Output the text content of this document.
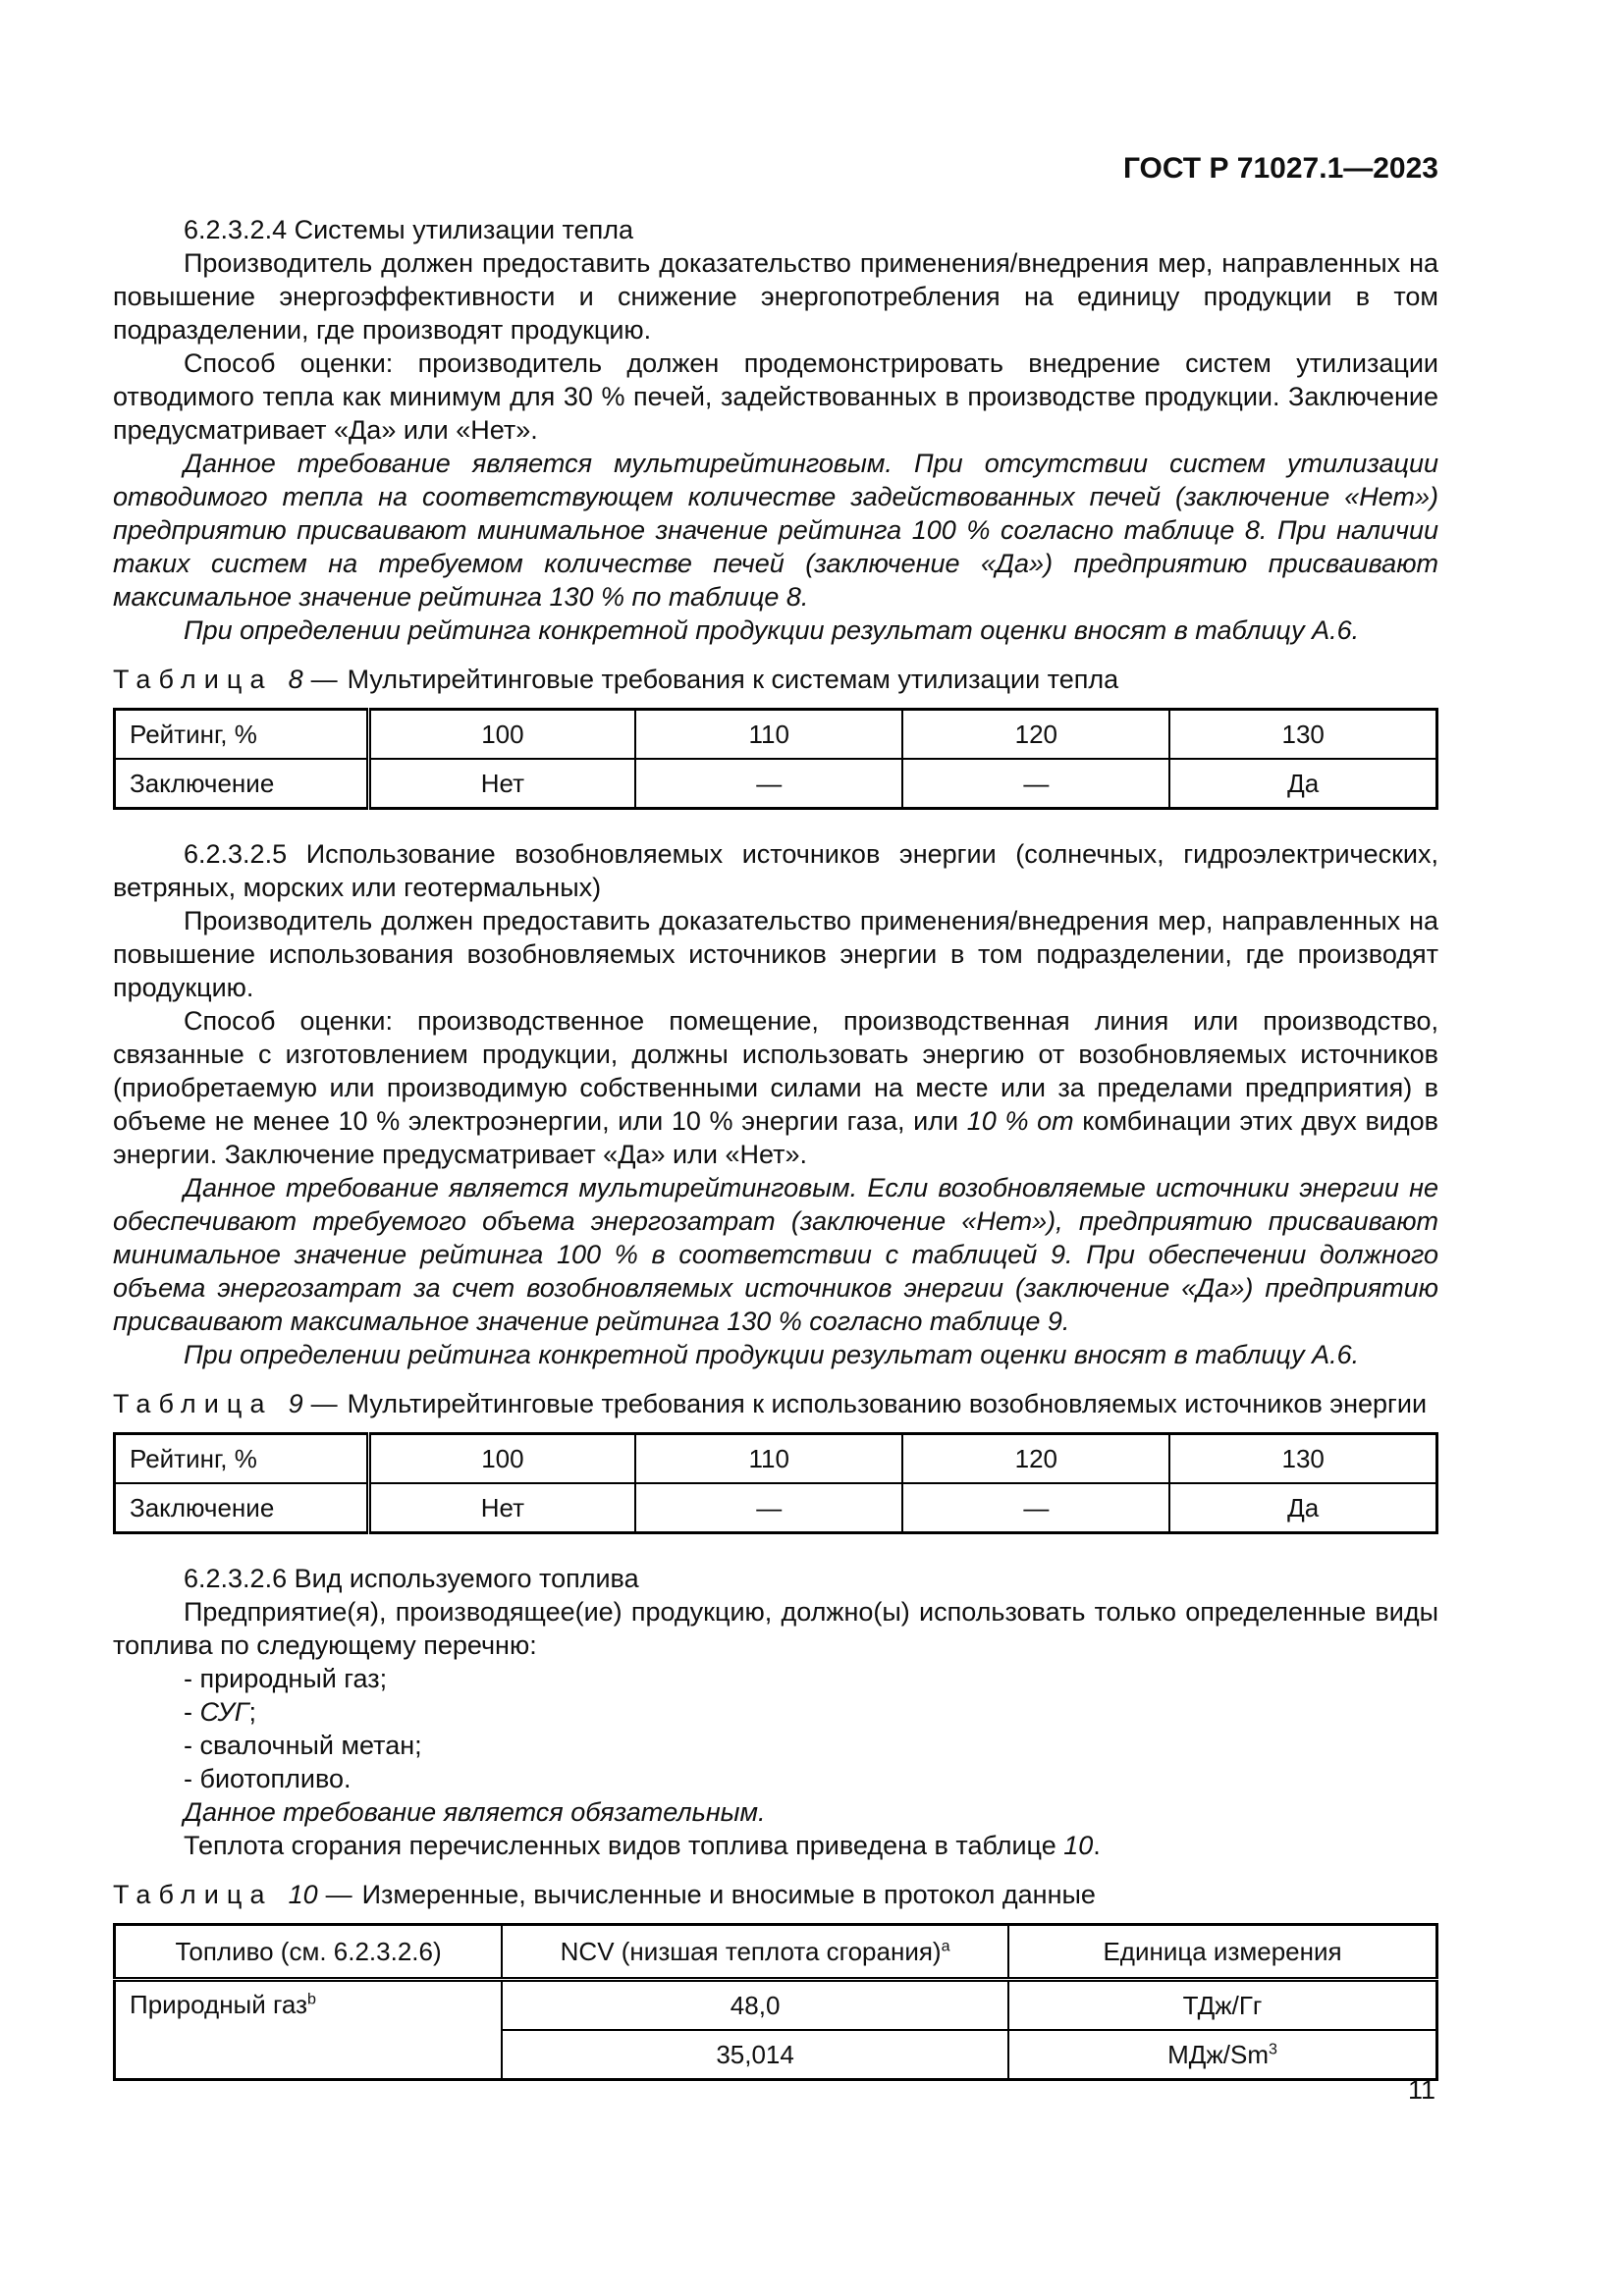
ГОСТ Р 71027.1—2023

6.2.3.2.4 Системы утилизации тепла

Производитель должен предоставить доказательство применения/внедрения мер, направленных на повышение энергоэффективности и снижение энергопотребления на единицу продукции в том подразделении, где производят продукцию.

Способ оценки: производитель должен продемонстрировать внедрение систем утилизации отводимого тепла как минимум для 30 % печей, задействованных в производстве продукции. Заключение предусматривает «Да» или «Нет».

Данное требование является мультирейтинговым. При отсутствии систем утилизации отводимого тепла на соответствующем количестве задействованных печей (заключение «Нет») предприятию присваивают минимальное значение рейтинга 100 % согласно таблице 8. При наличии таких систем на требуемом количестве печей (заключение «Да») предприятию присваивают максимальное значение рейтинга 130 % по таблице 8.

При определении рейтинга конкретной продукции результат оценки вносят в таблицу А.6.

Таблица 8 — Мультирейтинговые требования к системам утилизации тепла

Рейтинг, %	100	110	120	130
Заключение	Нет	—	—	Да

6.2.3.2.5 Использование возобновляемых источников энергии (солнечных, гидроэлектрических, ветряных, морских или геотермальных)

Производитель должен предоставить доказательство применения/внедрения мер, направленных на повышение использования возобновляемых источников энергии в том подразделении, где производят продукцию.

Способ оценки: производственное помещение, производственная линия или производство, связанные с изготовлением продукции, должны использовать энергию от возобновляемых источников (приобретаемую или производимую собственными силами на месте или за пределами предприятия) в объеме не менее 10 % электроэнергии, или 10 % энергии газа, или 10 % от комбинации этих двух видов энергии. Заключение предусматривает «Да» или «Нет».

Данное требование является мультирейтинговым. Если возобновляемые источники энергии не обеспечивают требуемого объема энергозатрат (заключение «Нет»), предприятию присваивают минимальное значение рейтинга 100 % в соответствии с таблицей 9. При обеспечении должного объема энергозатрат за счет возобновляемых источников энергии (заключение «Да») предприятию присваивают максимальное значение рейтинга 130 % согласно таблице 9.

При определении рейтинга конкретной продукции результат оценки вносят в таблицу А.6.

Таблица 9 — Мультирейтинговые требования к использованию возобновляемых источников энергии

Рейтинг, %	100	110	120	130
Заключение	Нет	—	—	Да

6.2.3.2.6 Вид используемого топлива

Предприятие(я), производящее(ие) продукцию, должно(ы) использовать только определенные виды топлива по следующему перечню:

- природный газ;

- СУГ;

- свалочный метан;

- биотопливо.

Данное требование является обязательным.

Теплота сгорания перечисленных видов топлива приведена в таблице 10.

Таблица 10 — Измеренные, вычисленные и вносимые в протокол данные

Топливо (см. 6.2.3.2.6)	NCV (низшая теплота сгорания)$^a$	Единица измерения
Природный газ$^b$	48,0	ТДж/Гг
	35,014	МДж/Sm$^3$
11
